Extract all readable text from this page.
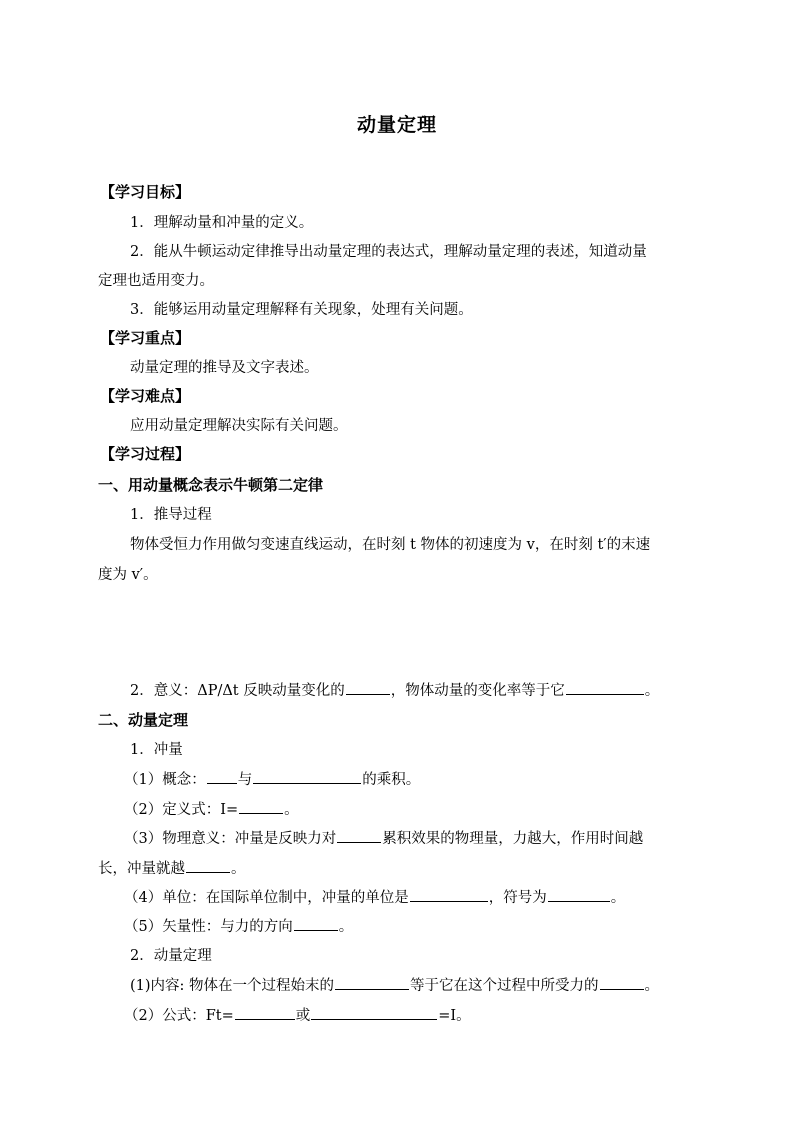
动量定理
【学习目标】
1．理解动量和冲量的定义。
2．能从牛顿运动定律推导出动量定理的表达式，理解动量定理的表述，知道动量
定理也适用变力。
3．能够运用动量定理解释有关现象，处理有关问题。
【学习重点】
动量定理的推导及文字表述。
【学习难点】
应用动量定理解决实际有关问题。
【学习过程】
一、用动量概念表示牛顿第二定律
1．推导过程
物体受恒力作用做匀变速直线运动，在时刻 t 物体的初速度为 v，在时刻 t′的末速
度为 v′。
2．意义：ΔP/Δt 反映动量变化的	，物体动量的变化率等于它	。
二、动量定理
1．冲量
（1）概念： 与	的乘积。
（2）定义式：I=	。
（3）物理意义：冲量是反映力对	累积效果的物理量，力越大，作用时间越
长，冲量就越	。
（4）单位：在国际单位制中，冲量的单位是	，符号为	。
（5）矢量性：与力的方向	。
2．动量定理
(1)内容: 物体在一个过程始末的	等于它在这个过程中所受力的	。
（2）公式：Ft=	或	=I。
